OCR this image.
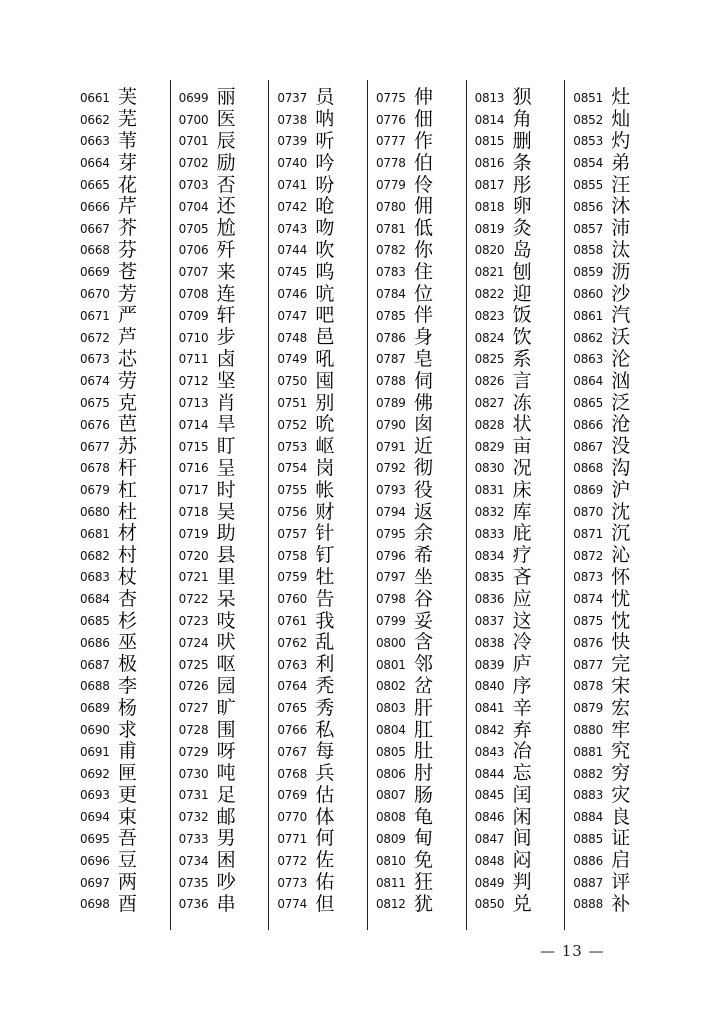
0661 芙
0662 芜
0663 苇
0664 芽
0665 花
0666 芹
0667 芥
0668 芬
0669 苍
0670 芳
0671 严
0672 芦
0673 芯
0674 劳
0675 克
0676 芭
0677 苏
0678 杆
0679 杠
0680 杜
0681 材
0682 村
0683 杖
0684 杏
0685 杉
0686 巫
0687 极
0688 李
0689 杨
0690 求
0691 甫
0692 匣
0693 更
0694 束
0695 吾
0696 豆
0697 两
0698 酉
0699 丽
0700 医
0701 辰
0702 励
0703 否
0704 还
0705 尬
0706 歼
0707 来
0708 连
0709 轩
0710 步
0711 卤
0712 坚
0713 肖
0714 旱
0715 盯
0716 呈
0717 时
0718 吴
0719 助
0720 县
0721 里
0722 呆
0723 吱
0724 吠
0725 呕
0726 园
0727 旷
0728 围
0729 呀
0730 吨
0731 足
0732 邮
0733 男
0734 困
0735 吵
0736 串
0737 员
0738 呐
0739 听
0740 吟
0741 吩
0742 呛
0743 吻
0744 吹
0745 呜
0746 吭
0747 吧
0748 邑
0749 吼
0750 囤
0751 别
0752 吮
0753 岖
0754 岗
0755 帐
0756 财
0757 针
0758 钉
0759 牡
0760 告
0761 我
0762 乱
0763 利
0764 秃
0765 秀
0766 私
0767 每
0768 兵
0769 估
0770 体
0771 何
0772 佐
0773 佑
0774 但
0775 伸
0776 佃
0777 作
0778 伯
0779 伶
0780 佣
0781 低
0782 你
0783 住
0784 位
0785 伴
0786 身
0787 皂
0788 伺
0789 佛
0790 囱
0791 近
0792 彻
0793 役
0794 返
0795 余
0796 希
0797 坐
0798 谷
0799 妥
0800 含
0801 邻
0802 岔
0803 肝
0804 肛
0805 肚
0806 肘
0807 肠
0808 龟
0809 甸
0810 免
0811 狂
0812 犹
0813 狈
0814 角
0815 删
0816 条
0817 彤
0818 卵
0819 灸
0820 岛
0821 刨
0822 迎
0823 饭
0824 饮
0825 系
0826 言
0827 冻
0828 状
0829 亩
0830 况
0831 床
0832 库
0833 庇
0834 疗
0835 吝
0836 应
0837 这
0838 冷
0839 庐
0840 序
0841 辛
0842 弃
0843 冶
0844 忘
0845 闰
0846 闲
0847 间
0848 闷
0849 判
0850 兑
0851 灶
0852 灿
0853 灼
0854 弟
0855 汪
0856 沐
0857 沛
0858 汰
0859 沥
0860 沙
0861 汽
0862 沃
0863 沦
0864 汹
0865 泛
0866 沧
0867 没
0868 沟
0869 沪
0870 沈
0871 沉
0872 沁
0873 怀
0874 忧
0875 忱
0876 快
0877 完
0878 宋
0879 宏
0880 牢
0881 究
0882 穷
0883 灾
0884 良
0885 证
0886 启
0887 评
0888 补
— 13 —
